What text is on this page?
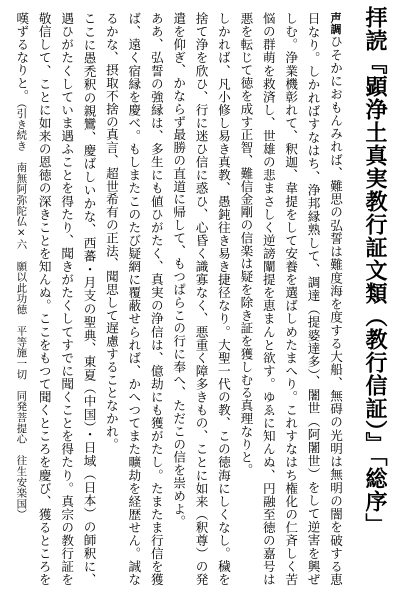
拝読『顕浄土真実教行証文類（教行信証）』「総序」
声調ひそかにおもんみれば、難思の弘誓は難度海を度する大船、無碍の光明は無明の闇を破する恵日なり。しかればすなはち、浄邦縁熟して、調達（提婆達多）、闍世（阿闍世）をして逆害を興ぜしむ。浄業機彰れて、釈迦、韋提をして安養を選ばしめたまへり。これすなはち権化の仁斉しく苦悩の群萌を救済し、世雄の悲まさしく逆謗闡提を恵まんと欲す。ゆゑに知んぬ、円融至徳の嘉号は悪を転じて徳を成す正智、難信金剛の信楽は疑を除き証を獲しむる真理なりと。
しかれば、凡小修し易き真教、愚鈍往き易き捷径なり。大聖一代の教、この徳海にしくなし。穢を捨て浄を欣ひ、行に迷ひ信に惑ひ、心昏く識寡なく、悪重く障多きもの、ことに如来（釈尊）の発遣を仰ぎ、かならず最勝の直道に帰して、もつぱらこの行に奉へ、ただこの信を崇めよ。
ああ、弘誓の強縁は、多生にも値ひがたく、真実の浄信は、億劫にも獲がたし。たまたま行信を獲ば、遠く宿縁を慶べ。もしまたこのたび疑網に覆蔽せられば、かへつてまた曠劫を経歴せん。誠なるかな、摂取不捨の真言、超世希有の正法、聞思して遅慮することなかれ。
ここに愚禿釈の親鸞、慶ばしいかな、西蕃・月支の聖典、東夏（中国）・日域（日本）の師釈に、遇ひがたくしていま遇ふことを得たり、聞きがたくしてすでに聞くことを得たり。真宗の教行証を敬信して、ことに如来の恩徳の深きことを知んぬ。ここをもつて聞くところを慶び、獲るところを嘆ずるなりと。（引き続き　南無阿弥陀仏×六　願以此功徳　平等施一切　同発菩提心　往生安楽国）
